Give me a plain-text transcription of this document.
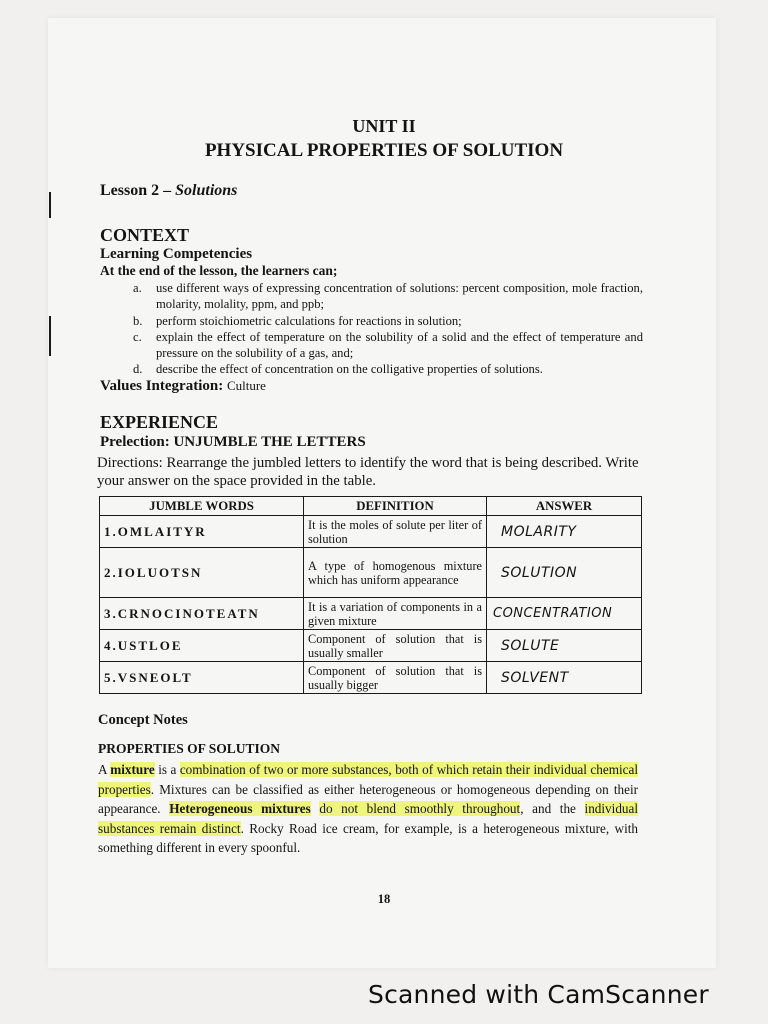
UNIT II
PHYSICAL PROPERTIES OF SOLUTION
Lesson 2 – Solutions
CONTEXT
Learning Competencies
At the end of the lesson, the learners can;
a. use different ways of expressing concentration of solutions: percent composition, mole fraction, molarity, molality, ppm, and ppb;
b. perform stoichiometric calculations for reactions in solution;
c. explain the effect of temperature on the solubility of a solid and the effect of temperature and pressure on the solubility of a gas, and;
d. describe the effect of concentration on the colligative properties of solutions.
Values Integration: Culture
EXPERIENCE
Prelection: UNJUMBLE THE LETTERS
Directions: Rearrange the jumbled letters to identify the word that is being described. Write your answer on the space provided in the table.
JUMBLE WORDS	DEFINITION	ANSWER
1.OMLAITYR	It is the moles of solute per liter of solution	MOLARITY
2.IOLUOTSN	A type of homogenous mixture which has uniform appearance	SOLUTION
3.CRNOCINOTEATN	It is a variation of components in a given mixture	CONCENTRATION
4.USTLOE	Component of solution that is usually smaller	SOLUTE
5.VSNEOLT	Component of solution that is usually bigger	SOLVENT
Concept Notes
PROPERTIES OF SOLUTION
A mixture is a combination of two or more substances, both of which retain their individual chemical properties. Mixtures can be classified as either heterogeneous or homogeneous depending on their appearance. Heterogeneous mixtures do not blend smoothly throughout, and the individual substances remain distinct. Rocky Road ice cream, for example, is a heterogeneous mixture, with something different in every spoonful.
18
Scanned with CamScanner
